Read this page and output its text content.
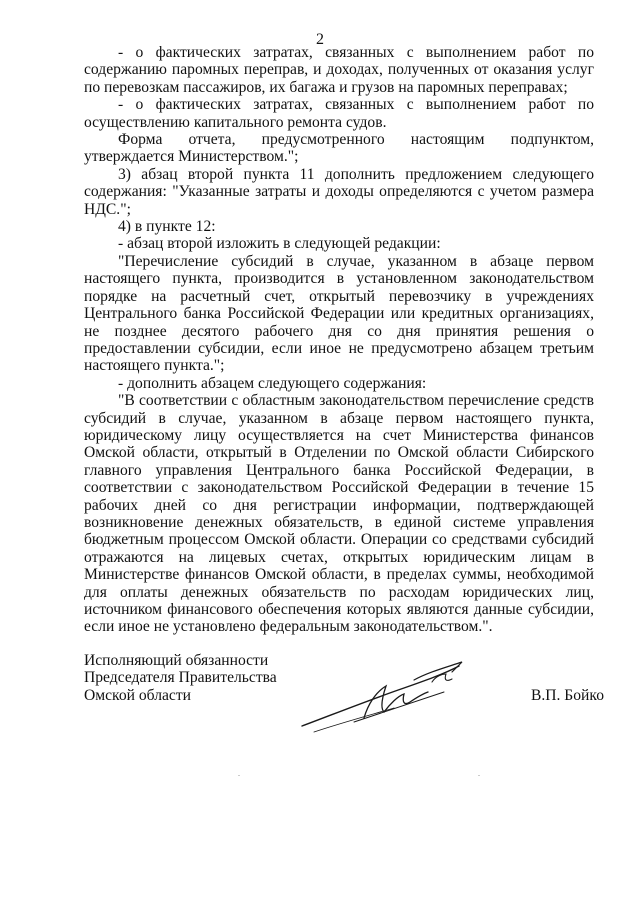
2

- о фактических затратах, связанных с выполнением работ по содержанию паромных переправ, и доходах, полученных от оказания услуг по перевозкам пассажиров, их багажа и грузов на паромных переправах;

- о фактических затратах, связанных с выполнением работ по осуществлению капитального ремонта судов.

Форма отчета, предусмотренного настоящим подпунктом, утверждается Министерством.";

3) абзац второй пункта 11 дополнить предложением следующего содержания: "Указанные затраты и доходы определяются с учетом размера НДС.";

4) в пункте 12:

- абзац второй изложить в следующей редакции:

"Перечисление субсидий в случае, указанном в абзаце первом настоящего пункта, производится в установленном законодательством порядке на расчетный счет, открытый перевозчику в учреждениях Центрального банка Российской Федерации или кредитных организациях, не позднее десятого рабочего дня со дня принятия решения о предоставлении субсидии, если иное не предусмотрено абзацем третьим настоящего пункта.";

- дополнить абзацем следующего содержания:

"В соответствии с областным законодательством перечисление средств субсидий в случае, указанном в абзаце первом настоящего пункта, юридическому лицу осуществляется на счет Министерства финансов Омской области, открытый в Отделении по Омской области Сибирского главного управления Центрального банка Российской Федерации, в соответствии с законодательством Российской Федерации в течение 15 рабочих дней со дня регистрации информации, подтверждающей возникновение денежных обязательств, в единой системе управления бюджетным процессом Омской области. Операции со средствами субсидий отражаются на лицевых счетах, открытых юридическим лицам в Министерстве финансов Омской области, в пределах суммы, необходимой для оплаты денежных обязательств по расходам юридических лиц, источником финансового обеспечения которых являются данные субсидии, если иное не установлено федеральным законодательством.".

Исполняющий обязанности
Председателя Правительства
Омской области	В.П. Бойко
